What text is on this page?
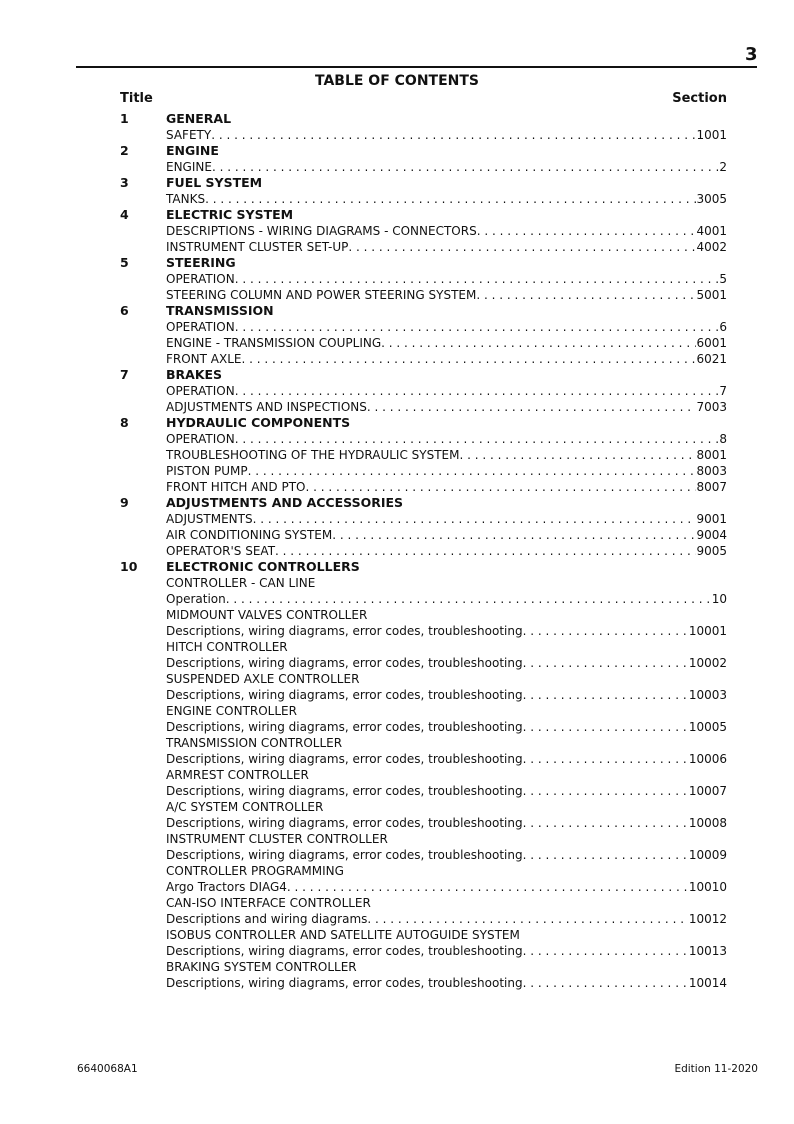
3
TABLE OF CONTENTS
Title	Section
1	GENERAL
SAFETY . . .	1001
2	ENGINE
ENGINE . . .	2
3	FUEL SYSTEM
TANKS . . .	3005
4	ELECTRIC SYSTEM
DESCRIPTIONS - WIRING DIAGRAMS - CONNECTORS . . .	4001
INSTRUMENT CLUSTER SET-UP . . .	4002
5	STEERING
OPERATION . . .	5
STEERING COLUMN AND POWER STEERING SYSTEM . . .	5001
6	TRANSMISSION
OPERATION . . .	6
ENGINE - TRANSMISSION COUPLING . . .	6001
FRONT AXLE . . .	6021
7	BRAKES
OPERATION . . .	7
ADJUSTMENTS AND INSPECTIONS . . .	7003
8	HYDRAULIC COMPONENTS
OPERATION . . .	8
TROUBLESHOOTING OF THE HYDRAULIC SYSTEM . . .	8001
PISTON PUMP . . .	8003
FRONT HITCH AND PTO . . .	8007
9	ADJUSTMENTS AND ACCESSORIES
ADJUSTMENTS . . .	9001
AIR CONDITIONING SYSTEM . . .	9004
OPERATOR'S SEAT . . .	9005
10 ELECTRONIC CONTROLLERS
CONTROLLER - CAN LINE
Operation . . .	10
MIDMOUNT VALVES CONTROLLER
Descriptions, wiring diagrams, error codes, troubleshooting . . .	10001
HITCH CONTROLLER
Descriptions, wiring diagrams, error codes, troubleshooting . . .	10002
SUSPENDED AXLE CONTROLLER
Descriptions, wiring diagrams, error codes, troubleshooting . . .	10003
ENGINE CONTROLLER
Descriptions, wiring diagrams, error codes, troubleshooting . . .	10005
TRANSMISSION CONTROLLER
Descriptions, wiring diagrams, error codes, troubleshooting . . .	10006
ARMREST CONTROLLER
Descriptions, wiring diagrams, error codes, troubleshooting . . .	10007
A/C SYSTEM CONTROLLER
Descriptions, wiring diagrams, error codes, troubleshooting . . .	10008
INSTRUMENT CLUSTER CONTROLLER
Descriptions, wiring diagrams, error codes, troubleshooting . . .	10009
CONTROLLER PROGRAMMING
Argo Tractors DIAG4 . . .	10010
CAN-ISO INTERFACE CONTROLLER
Descriptions and wiring diagrams . . .	10012
ISOBUS CONTROLLER AND SATELLITE AUTOGUIDE SYSTEM
Descriptions, wiring diagrams, error codes, troubleshooting . . .	10013
BRAKING SYSTEM CONTROLLER
Descriptions, wiring diagrams, error codes, troubleshooting . . .	10014
6640068A1	Edition 11-2020
